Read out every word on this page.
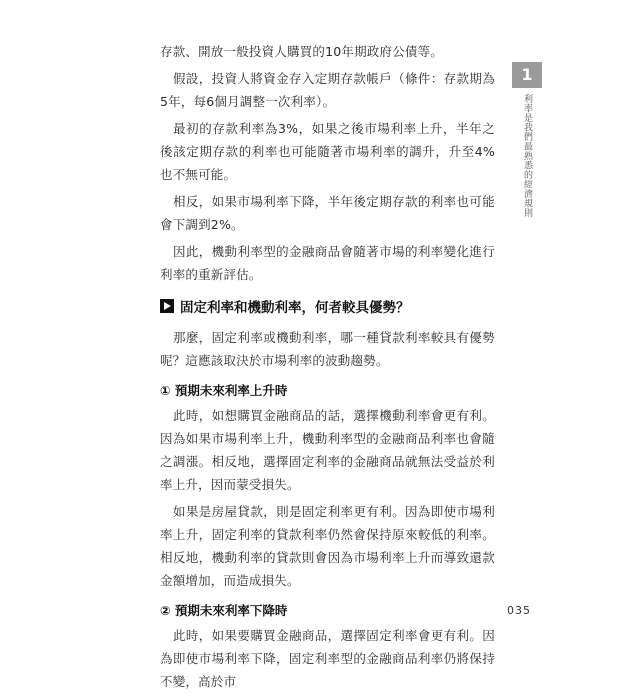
存款、開放一般投資人購買的10年期政府公債等。

假設，投資人將資金存入定期存款帳戶（條件：存款期為5年，每6個月調整一次利率）。

最初的存款利率為3%，如果之後市場利率上升，半年之後該定期存款的利率也可能隨著市場利率的調升，升至4%也不無可能。

相反，如果市場利率下降，半年後定期存款的利率也可能會下調到2%。

因此，機動利率型的金融商品會隨著市場的利率變化進行利率的重新評估。

固定利率和機動利率，何者較具優勢？

那麼，固定利率或機動利率，哪一種貸款利率較具有優勢呢？這應該取決於市場利率的波動趨勢。

① 預期未來利率上升時

此時，如想購買金融商品的話，選擇機動利率會更有利。因為如果市場利率上升，機動利率型的金融商品利率也會隨之調漲。相反地，選擇固定利率的金融商品就無法受益於利率上升，因而蒙受損失。

如果是房屋貸款，則是固定利率更有利。因為即使市場利率上升，固定利率的貸款利率仍然會保持原來較低的利率。相反地，機動利率的貸款則會因為市場利率上升而導致還款金額增加，而造成損失。

② 預期未來利率下降時

此時，如果要購買金融商品，選擇固定利率會更有利。因為即使市場利率下降，固定利率型的金融商品利率仍將保持不變，高於市

1
利率是我們最熟悉的經濟規則
035
